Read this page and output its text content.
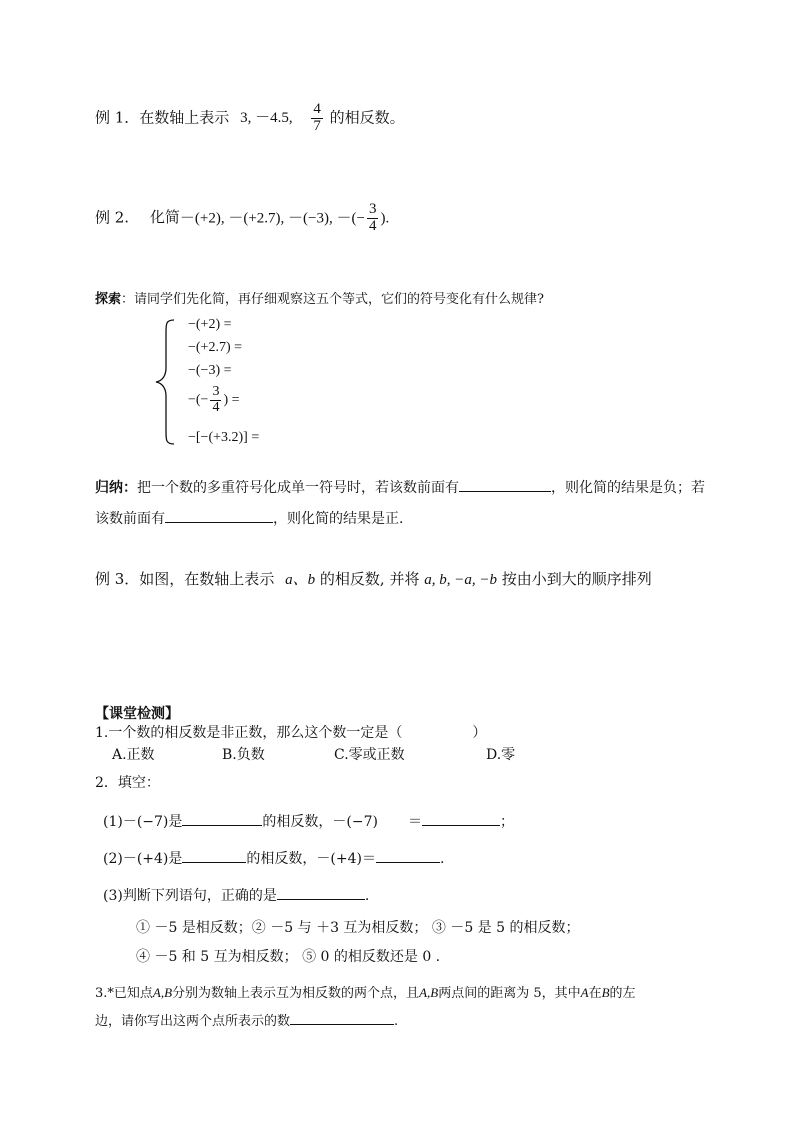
例 1．在数轴上表示 3, －4.5, $\frac{4}{7}$ 的相反数。
例 2. 化简－(+2), －(+2.7), －(−3), －(− $\frac{3}{4}$ ).
探索：请同学们先化简，再仔细观察这五个等式，它们的符号变化有什么规律?
−(+2) =
−(+2.7) =
−(−3) =
−(− $\frac{3}{4}$ ) =
−[−(+3.2)] =
归纳：把一个数的多重符号化成单一符号时，若该数前面有	，则化简的结果是负；若
该数前面有	，则化简的结果是正.
例 3．如图，在数轴上表示 a、b 的相反数, 并将 a, b, −a, −b 按由小到大的顺序排列
【课堂检测】
1.一个数的相反数是非正数，那么这个数一定是（　　　　　）
A.正数	B.负数	C.零或正数	D.零
2．填空：
(1)－(−7)是	的相反数，－(−7) ＝	；
(2)－(+4)是	的相反数，－(+4)＝	.
(3)判断下列语句，正确的是	.
① －5 是相反数；② －5 与 ＋3 互为相反数； ③ －5 是 5 的相反数；
④ －5 和 5 互为相反数； ⑤ 0 的相反数还是 0 .
3.*已知点A,B分别为数轴上表示互为相反数的两个点，且A,B两点间的距离为 5，其中A在B的左
边，请你写出这两个点所表示的数	.
